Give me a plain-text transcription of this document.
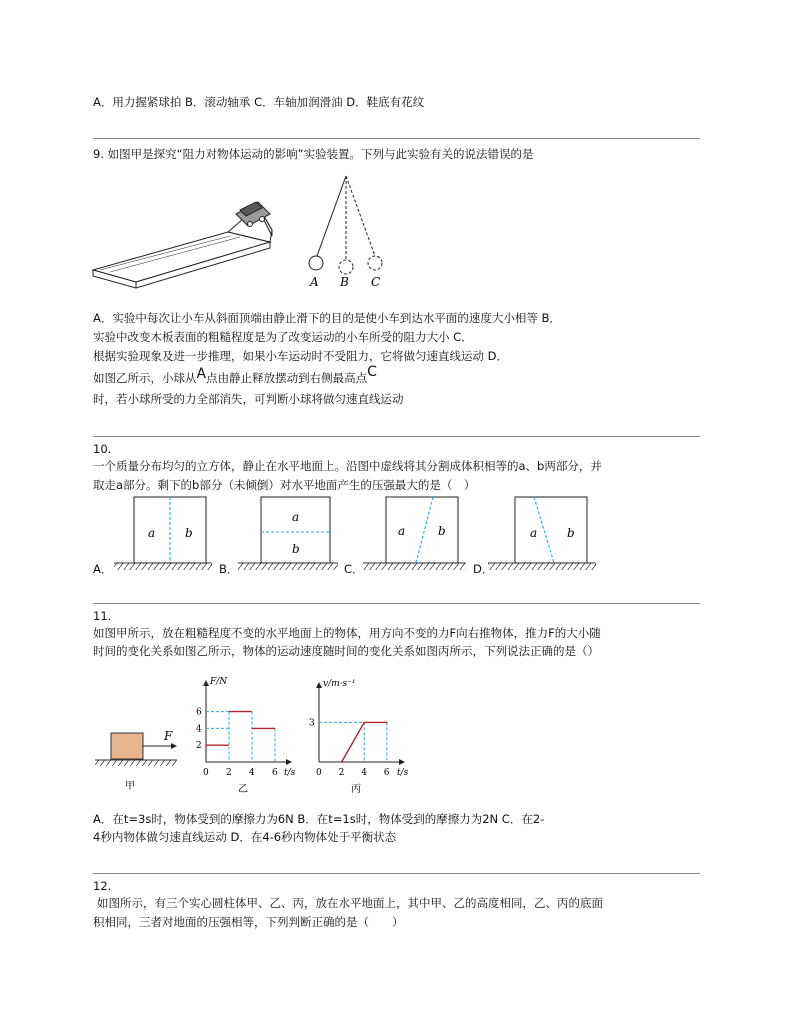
A．用力握紧球拍 B．滚动轴承 C．车轴加润滑油 D．鞋底有花纹
9. 如图甲是探究“阻力对物体运动的影响”实验装置。下列与此实验有关的说法错误的是
A B C
A．实验中每次让小车从斜面顶端由静止滑下的目的是使小车到达水平面的速度大小相等 B．
实验中改变木板表面的粗糙程度是为了改变运动的小车所受的阻力大小 C．
根据实验现象及进一步推理，如果小车运动时不受阻力，它将做匀速直线运动 D．
如图乙所示，小球从A点由静止释放摆动到右侧最高点C
时，若小球所受的力全部消失，可判断小球将做匀速直线运动
10.
一个质量分布均匀的立方体，静止在水平地面上。沿图中虚线将其分割成体积相等的a、b两部分，并
取走a部分。剩下的b部分（未倾倒）对水平地面产生的压强最大的是（　）
a b
a
b
a	b	a b
A．	B．	C．	D．
11.
如图甲所示，放在粗糙程度不变的水平地面上的物体，用方向不变的力F向右推物体，推力F的大小随
时间的变化关系如图乙所示，物体的运动速度随时间的变化关系如图丙所示，下列说法正确的是（）
F
甲
F/N
t/s
0 2 4 6
2
4
6
乙
v/m·s⁻¹
t/s
0 2 4 6
3
丙
A．在t=3s时，物体受到的摩擦力为6N B．在t=1s时，物体受到的摩擦力为2N C．在2-
4秒内物体做匀速直线运动 D．在4-6秒内物体处于平衡状态
12.
如图所示，有三个实心圆柱体甲、乙、丙，放在水平地面上，其中甲、乙的高度相同，乙、丙的底面
积相同，三者对地面的压强相等，下列判断正确的是（　　）
